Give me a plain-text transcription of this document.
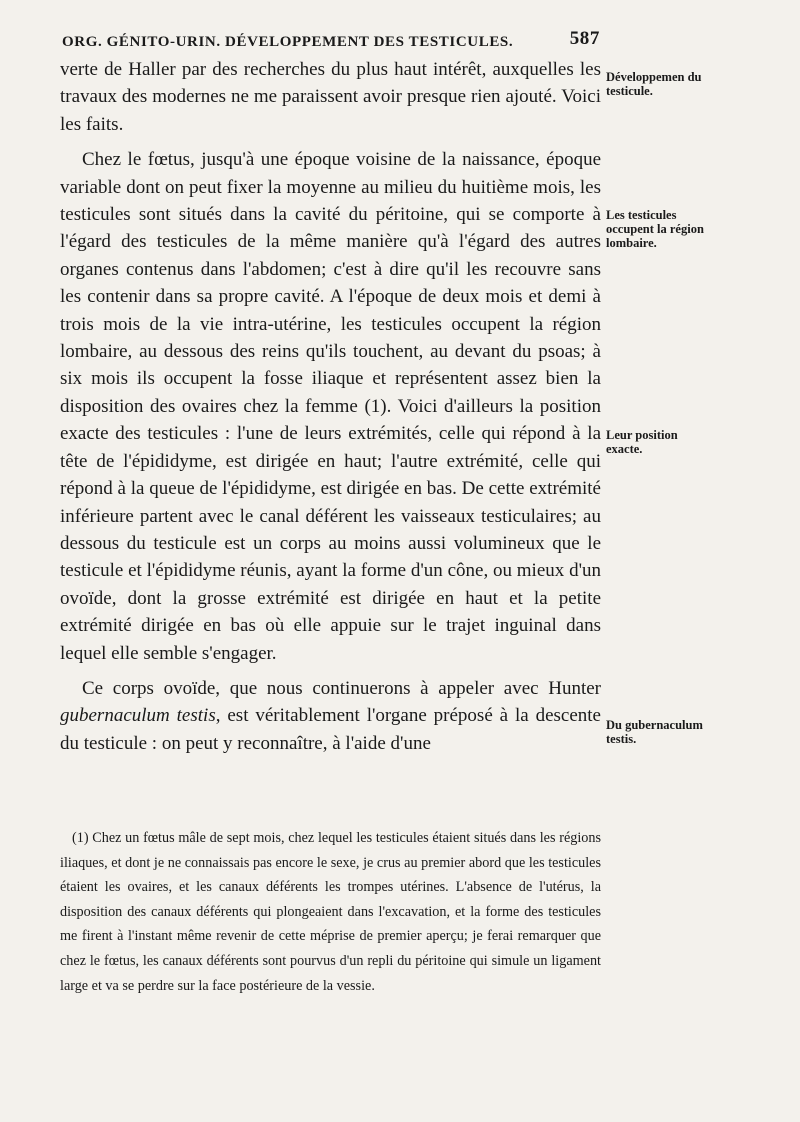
ORG. GÉNITO-URIN. DÉVELOPPEMENT DES TESTICULES.	587

verte de Haller par des recherches du plus haut intérêt, auxquelles les travaux des modernes ne me paraissent avoir presque rien ajouté. Voici les faits.

Chez le fœtus, jusqu'à une époque voisine de la naissance, époque variable dont on peut fixer la moyenne au milieu du huitième mois, les testicules sont situés dans la cavité du péritoine, qui se comporte à l'égard des testicules de la même manière qu'à l'égard des autres organes contenus dans l'abdomen; c'est à dire qu'il les recouvre sans les contenir dans sa propre cavité. A l'époque de deux mois et demi à trois mois de la vie intra-utérine, les testicules occupent la région lombaire, au dessous des reins qu'ils touchent, au devant du psoas; à six mois ils occupent la fosse iliaque et représentent assez bien la disposition des ovaires chez la femme (1). Voici d'ailleurs la position exacte des testicules : l'une de leurs extrémités, celle qui répond à la tête de l'épididyme, est dirigée en haut; l'autre extrémité, celle qui répond à la queue de l'épididyme, est dirigée en bas. De cette extrémité inférieure partent avec le canal déférent les vaisseaux testiculaires; au dessous du testicule est un corps au moins aussi volumineux que le testicule et l'épididyme réunis, ayant la forme d'un cône, ou mieux d'un ovoïde, dont la grosse extrémité est dirigée en haut et la petite extrémité dirigée en bas où elle appuie sur le trajet inguinal dans lequel elle semble s'engager.

Ce corps ovoïde, que nous continuerons à appeler avec Hunter gubernaculum testis, est véritablement l'organe préposé à la descente du testicule : on peut y reconnaître, à l'aide d'une

Développemen du testicule.
Les testicules occupent la région lombaire.
Leur position exacte.
Du gubernaculum testis.

(1) Chez un fœtus mâle de sept mois, chez lequel les testicules étaient situés dans les régions iliaques, et dont je ne connaissais pas encore le sexe, je crus au premier abord que les testicules étaient les ovaires, et les canaux déférents les trompes utérines. L'absence de l'utérus, la disposition des canaux déférents qui plongeaient dans l'excavation, et la forme des testicules me firent à l'instant même revenir de cette méprise de premier aperçu; je ferai remarquer que chez le fœtus, les canaux déférents sont pourvus d'un repli du péritoine qui simule un ligament large et va se perdre sur la face postérieure de la vessie.
